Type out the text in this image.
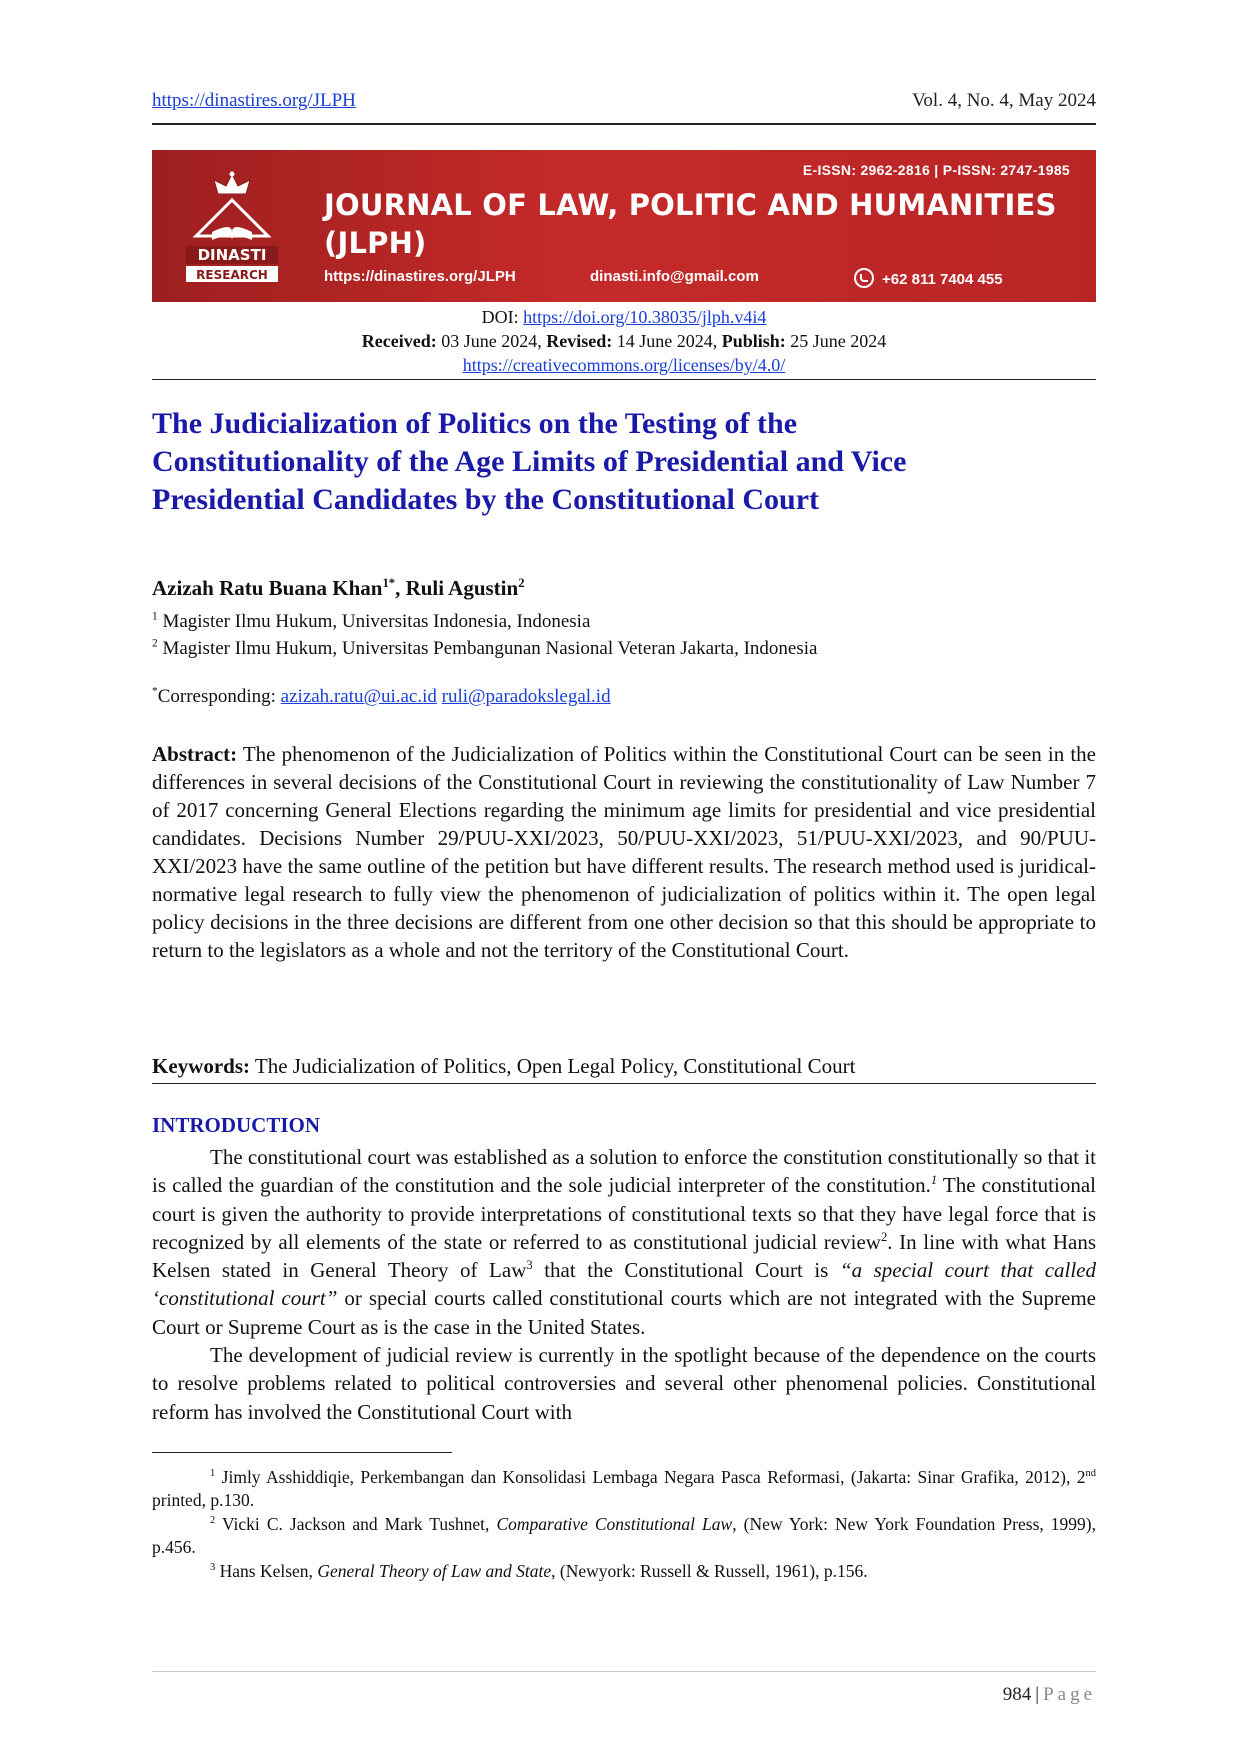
https://dinastires.org/JLPH	Vol. 4, No. 4, May 2024
DINASTI
RESEARCH
E-ISSN: 2962-2816 | P-ISSN: 2747-1985
JOURNAL OF LAW, POLITIC AND HUMANITIES
(JLPH)
https://dinastires.org/JLPH	dinasti.info@gmail.com	+62 811 7404 455
DOI: https://doi.org/10.38035/jlph.v4i4
Received: 03 June 2024, Revised: 14 June 2024, Publish: 25 June 2024
https://creativecommons.org/licenses/by/4.0/
The Judicialization of Politics on the Testing of the
Constitutionality of the Age Limits of Presidential and Vice
Presidential Candidates by the Constitutional Court
Azizah Ratu Buana Khan$^{1*}$, Ruli Agustin$^2$
$^1$ Magister Ilmu Hukum, Universitas Indonesia, Indonesia
$^2$ Magister Ilmu Hukum, Universitas Pembangunan Nasional Veteran Jakarta, Indonesia
*Corresponding: azizah.ratu@ui.ac.id ruli@paradokslegal.id
Abstract: The phenomenon of the Judicialization of Politics within the Constitutional Court can be seen in the differences in several decisions of the Constitutional Court in reviewing the constitutionality of Law Number 7 of 2017 concerning General Elections regarding the minimum age limits for presidential and vice presidential candidates. Decisions Number 29/PUU-XXI/2023, 50/PUU-XXI/2023, 51/PUU-XXI/2023, and 90/PUU-XXI/2023 have the same outline of the petition but have different results. The research method used is juridical-normative legal research to fully view the phenomenon of judicialization of politics within it. The open legal policy decisions in the three decisions are different from one other decision so that this should be appropriate to return to the legislators as a whole and not the territory of the Constitutional Court.
Keywords: The Judicialization of Politics, Open Legal Policy, Constitutional Court
INTRODUCTION

The constitutional court was established as a solution to enforce the constitution constitutionally so that it is called the guardian of the constitution and the sole judicial interpreter of the constitution.$^1$ The constitutional court is given the authority to provide interpretations of constitutional texts so that they have legal force that is recognized by all elements of the state or referred to as constitutional judicial review$^2$. In line with what Hans Kelsen stated in General Theory of Law$^3$ that the Constitutional Court is “a special court that called ‘constitutional court” or special courts called constitutional courts which are not integrated with the Supreme Court or Supreme Court as is the case in the United States.

The development of judicial review is currently in the spotlight because of the dependence on the courts to resolve problems related to political controversies and several other phenomenal policies. Constitutional reform has involved the Constitutional Court with

$^1$ Jimly Asshiddiqie, Perkembangan dan Konsolidasi Lembaga Negara Pasca Reformasi, (Jakarta: Sinar Grafika, 2012), 2nd printed, p.130.

$^2$ Vicki C. Jackson and Mark Tushnet, Comparative Constitutional Law, (New York: New York Foundation Press, 1999), p.456.

$^3$ Hans Kelsen, General Theory of Law and State, (Newyork: Russell & Russell, 1961), p.156.

984 | Page
